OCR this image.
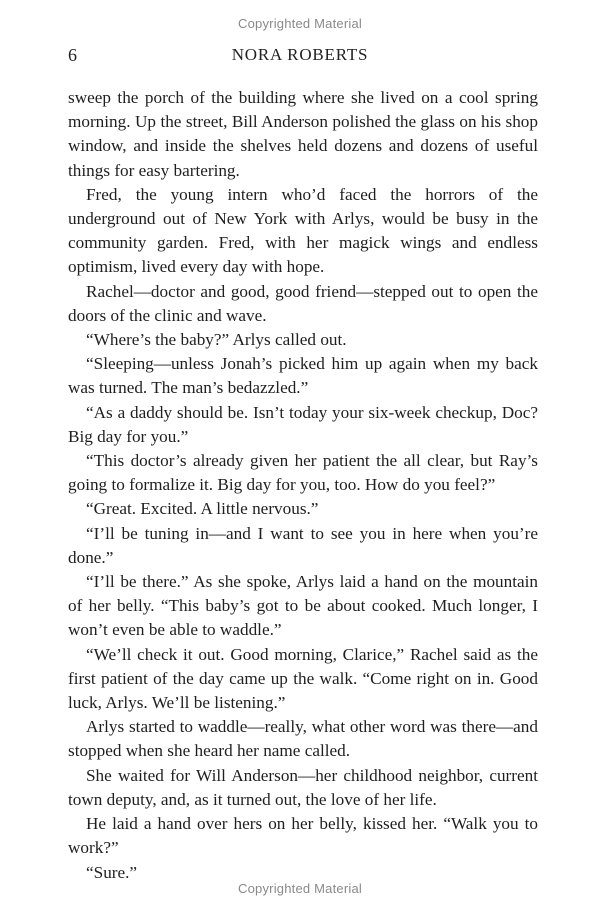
Copyrighted Material
6	NORA ROBERTS

sweep the porch of the building where she lived on a cool spring morning. Up the street, Bill Anderson polished the glass on his shop window, and inside the shelves held dozens and dozens of useful things for easy bartering.

Fred, the young intern who’d faced the horrors of the underground out of New York with Arlys, would be busy in the community garden. Fred, with her magick wings and endless optimism, lived every day with hope.

Rachel—doctor and good, good friend—stepped out to open the doors of the clinic and wave.

“Where’s the baby?” Arlys called out.

“Sleeping—unless Jonah’s picked him up again when my back was turned. The man’s bedazzled.”

“As a daddy should be. Isn’t today your six-week checkup, Doc? Big day for you.”

“This doctor’s already given her patient the all clear, but Ray’s going to formalize it. Big day for you, too. How do you feel?”

“Great. Excited. A little nervous.”

“I’ll be tuning in—and I want to see you in here when you’re done.”

“I’ll be there.” As she spoke, Arlys laid a hand on the mountain of her belly. “This baby’s got to be about cooked. Much longer, I won’t even be able to waddle.”

“We’ll check it out. Good morning, Clarice,” Rachel said as the first patient of the day came up the walk. “Come right on in. Good luck, Arlys. We’ll be listening.”

Arlys started to waddle—really, what other word was there—and stopped when she heard her name called.

She waited for Will Anderson—her childhood neighbor, current town deputy, and, as it turned out, the love of her life.

He laid a hand over hers on her belly, kissed her. “Walk you to work?”

“Sure.”

Copyrighted Material
